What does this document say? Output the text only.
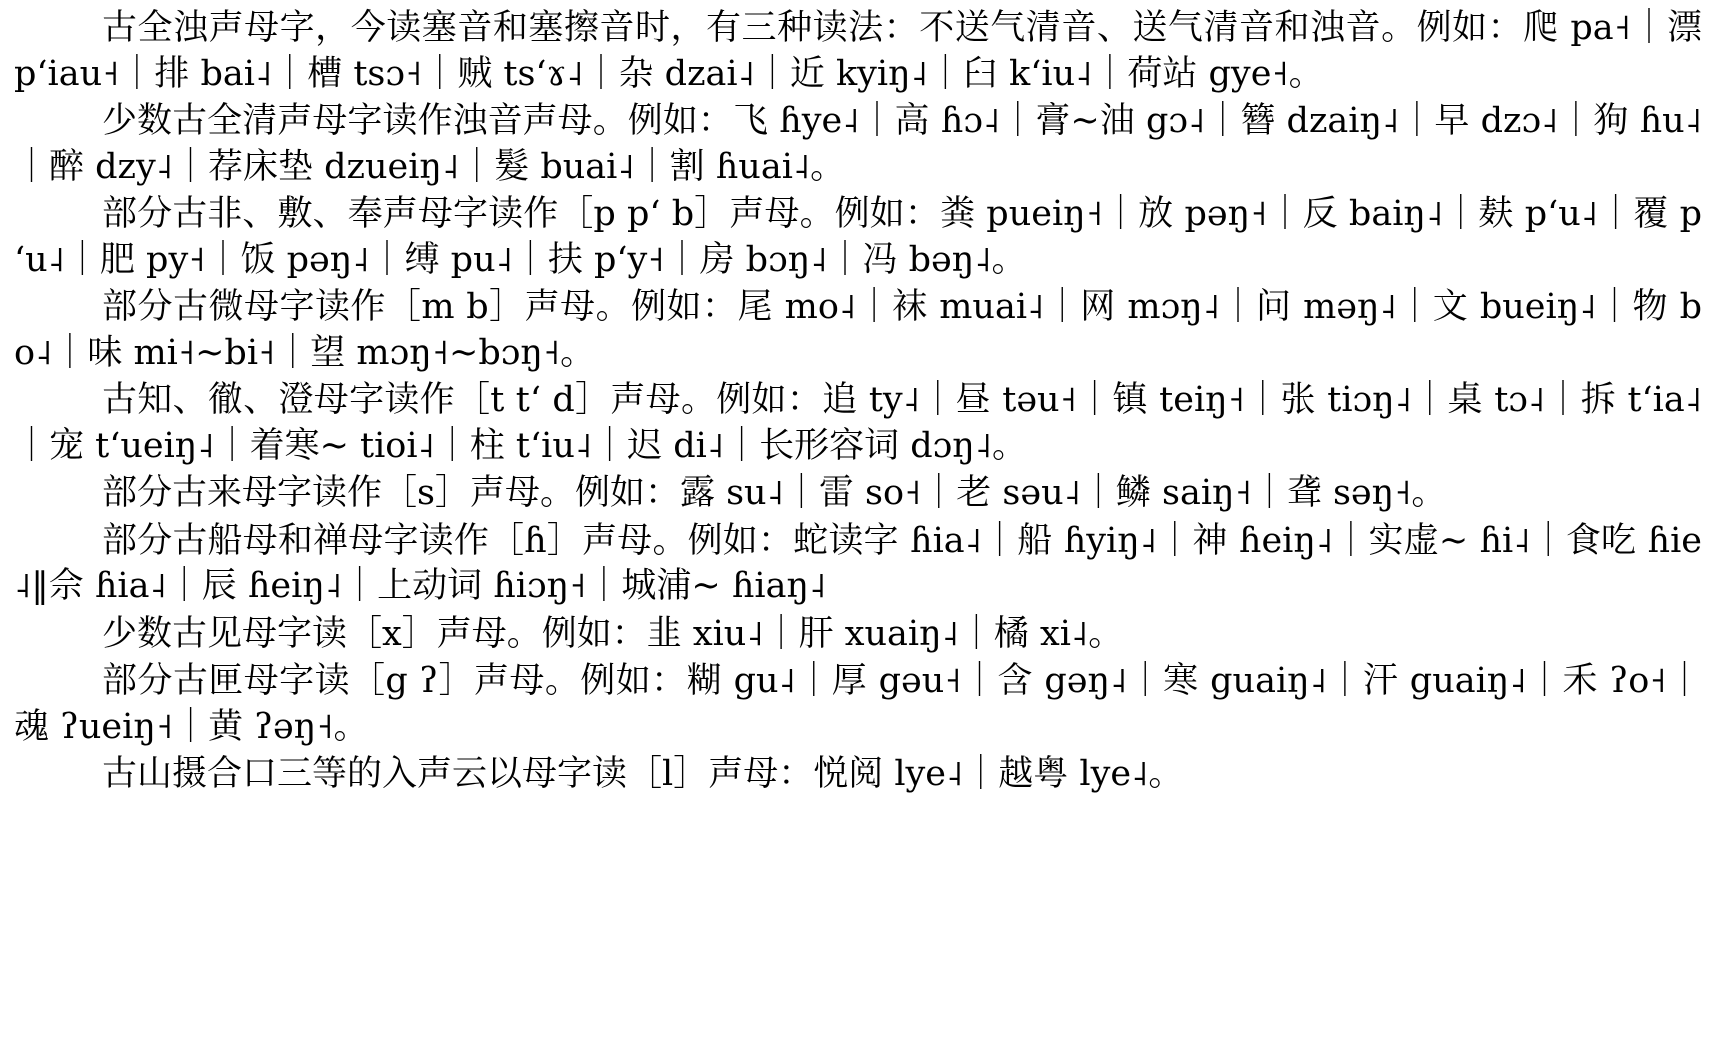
古全浊声母字，今读塞音和塞擦音时，有三种读法：不送气清音、送气清音和浊音。例如：爬 pa˧｜漂 pʻiau˧｜排 bai˨｜槽 tsɔ˧｜贼 tsʻɤ˨｜杂 dzai˨｜近 kyiŋ˨｜臼 kʻiu˨｜荷站 gye˧。

少数古全清声母字读作浊音声母。例如：飞 ɦye˨｜高 ɦɔ˨｜膏~油 gɔ˨｜簪 dzaiŋ˨｜早 dzɔ˨｜狗 ɦu˨｜醉 dzy˨｜荐床垫 dzueiŋ˨｜髮 buai˨｜割 ɦuai˨。

部分古非、敷、奉声母字读作［p pʻ b］声母。例如：粪 pueiŋ˧｜放 pəŋ˧｜反 baiŋ˨｜麸 pʻu˨｜覆 pʻu˨｜肥 py˧｜饭 pəŋ˨｜缚 pu˨｜扶 pʻy˧｜房 bɔŋ˨｜冯 bəŋ˨。

部分古微母字读作［m b］声母。例如：尾 mo˨｜袜 muai˨｜网 mɔŋ˨｜问 məŋ˨｜文 bueiŋ˨｜物 bo˨｜味 mi˧~bi˧｜望 mɔŋ˧~bɔŋ˧。

古知、徹、澄母字读作［t tʻ d］声母。例如：追 ty˨｜昼 təu˧｜镇 teiŋ˧｜张 tiɔŋ˨｜桌 tɔ˨｜拆 tʻia˨｜宠 tʻueiŋ˨｜着寒~ tioi˨｜柱 tʻiu˨｜迟 di˨｜长形容词 dɔŋ˨。

部分古来母字读作［s］声母。例如：露 su˨｜雷 so˧｜老 səu˨｜鳞 saiŋ˧｜聋 səŋ˧。

部分古船母和禅母字读作［ɦ］声母。例如：蛇读字 ɦia˨｜船 ɦyiŋ˨｜神 ɦeiŋ˨｜实虚~ ɦi˨｜食吃 ɦie˨‖佘 ɦia˨｜辰 ɦeiŋ˨｜上动词 ɦiɔŋ˧｜城浦~ ɦiaŋ˨

少数古见母字读［x］声母。例如：韭 xiu˨｜肝 xuaiŋ˨｜橘 xi˨。

部分古匣母字读［g ʔ］声母。例如：糊 gu˨｜厚 gəu˧｜含 gəŋ˨｜寒 guaiŋ˨｜汗 guaiŋ˨｜禾 ʔo˧｜魂 ʔueiŋ˧｜黄 ʔəŋ˧。

古山摄合口三等的入声云以母字读［l］声母：悦阅 lye˨｜越粤 lye˨。
